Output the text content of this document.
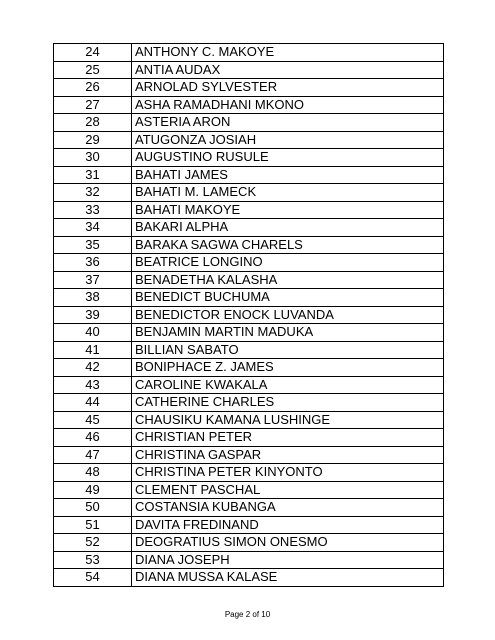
24	ANTHONY C. MAKOYE
25	ANTIA AUDAX
26	ARNOLAD SYLVESTER
27	ASHA RAMADHANI MKONO
28	ASTERIA ARON
29	ATUGONZA JOSIAH
30	AUGUSTINO RUSULE
31	BAHATI JAMES
32	BAHATI M. LAMECK
33	BAHATI MAKOYE
34	BAKARI ALPHA
35	BARAKA SAGWA CHARELS
36	BEATRICE LONGINO
37	BENADETHA KALASHA
38	BENEDICT BUCHUMA
39	BENEDICTOR ENOCK LUVANDA
40	BENJAMIN MARTIN MADUKA
41	BILLIAN SABATO
42	BONIPHACE Z. JAMES
43	CAROLINE KWAKALA
44	CATHERINE CHARLES
45	CHAUSIKU KAMANA LUSHINGE
46	CHRISTIAN PETER
47	CHRISTINA GASPAR
48	CHRISTINA PETER KINYONTO
49	CLEMENT PASCHAL
50	COSTANSIA KUBANGA
51	DAVITA FREDINAND
52	DEOGRATIUS SIMON ONESMO
53	DIANA JOSEPH
54	DIANA MUSSA KALASE
Page 2 of 10
